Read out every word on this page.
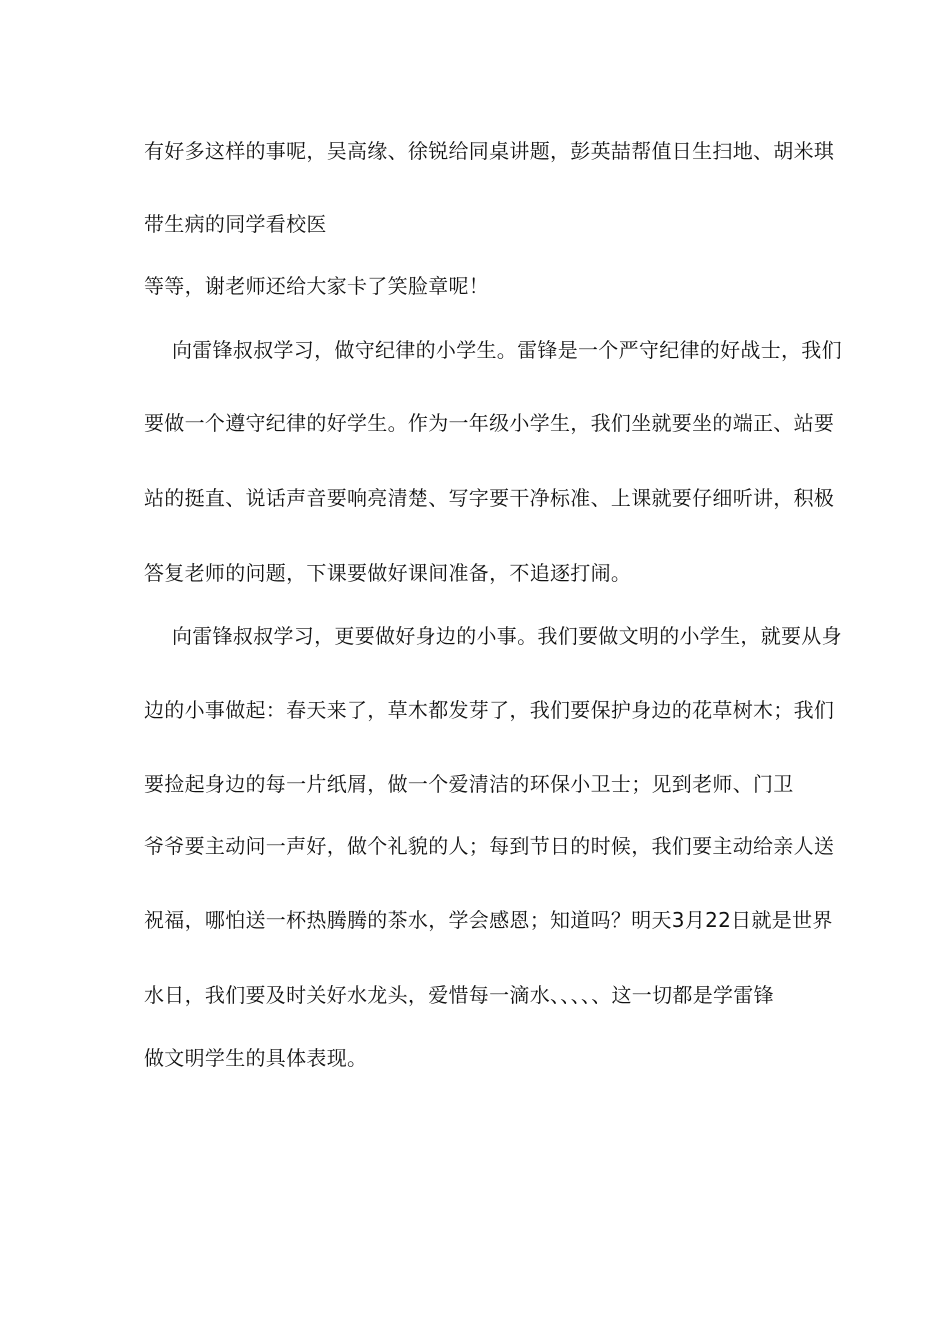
有好多这样的事呢，吴高缘、徐锐给同桌讲题，彭英喆帮值日生扫地、胡米琪
带生病的同学看校医
等等，谢老师还给大家卡了笑脸章呢！
向雷锋叔叔学习，做守纪律的小学生。雷锋是一个严守纪律的好战士，我们
要做一个遵守纪律的好学生。作为一年级小学生，我们坐就要坐的端正、站要
站的挺直、说话声音要响亮清楚、写字要干净标准、上课就要仔细听讲，积极
答复老师的问题，下课要做好课间准备，不追逐打闹。
向雷锋叔叔学习，更要做好身边的小事。我们要做文明的小学生，就要从身
边的小事做起：春天来了，草木都发芽了，我们要保护身边的花草树木；我们
要捡起身边的每一片纸屑，做一个爱清洁的环保小卫士；见到老师、门卫
爷爷要主动问一声好，做个礼貌的人；每到节日的时候，我们要主动给亲人送
祝福，哪怕送一杯热腾腾的茶水，学会感恩；知道吗？明天3月22日就是世界
水日，我们要及时关好水龙头，爱惜每一滴水、、、、、这一切都是学雷锋
做文明学生的具体表现。
